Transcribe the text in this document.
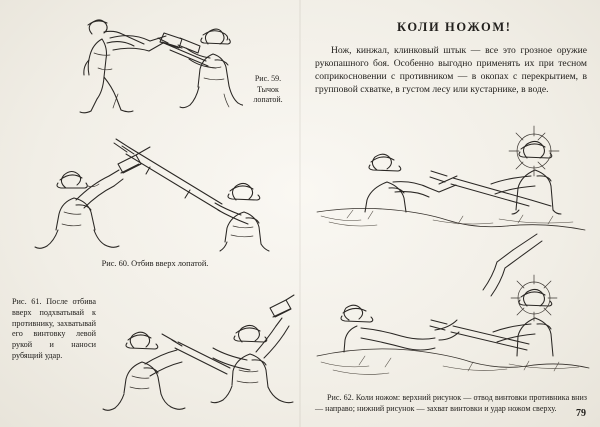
Рис. 59. Тычок лопатой.
Рис. 60. Отбив вверх лопатой.
Рис. 61. После отбива вверх подхватывай к противнику, захватывай его винтовку левой рукой и наноси рубящий удар.
КОЛИ НОЖОМ!

Нож, кинжал, клинковый штык — все это грозное оружие рукопашного боя. Особенно выгодно применять их при тесном соприкосновении с противником — в окопах с перекрытием, в групповой схватке, в густом лесу или кустарнике, в воде.

Рис. 62. Коли ножом: верхний рисунок — отвод винтовки противника вниз — направо; нижний рисунок — захват винтовки и удар ножом сверху.	79
